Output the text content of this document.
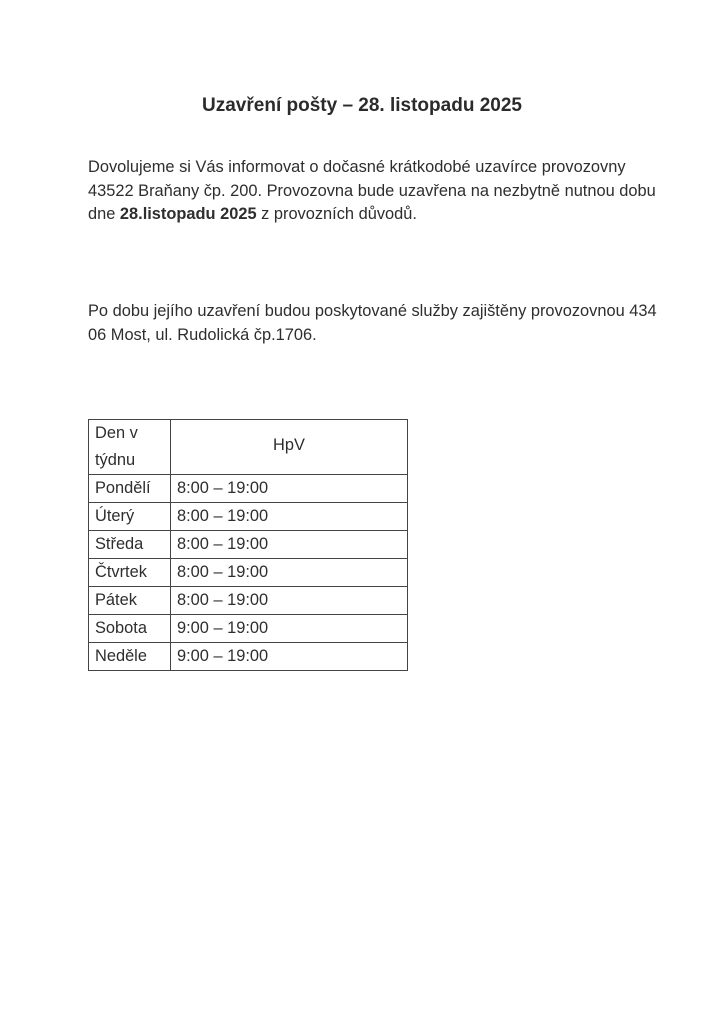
Uzavření pošty – 28. listopadu 2025
Dovolujeme si Vás informovat o dočasné krátkodobé uzavírce provozovny 43522 Braňany čp. 200. Provozovna bude uzavřena na nezbytně nutnou dobu dne 28.listopadu 2025 z provozních důvodů.
Po dobu jejího uzavření budou poskytované služby zajištěny provozovnou 434 06 Most, ul. Rudolická čp.1706.
Den v týdnu	HpV
Pondělí	8:00 – 19:00
Úterý	8:00 – 19:00
Středa	8:00 – 19:00
Čtvrtek	8:00 – 19:00
Pátek	8:00 – 19:00
Sobota	9:00 – 19:00
Neděle	9:00 – 19:00
